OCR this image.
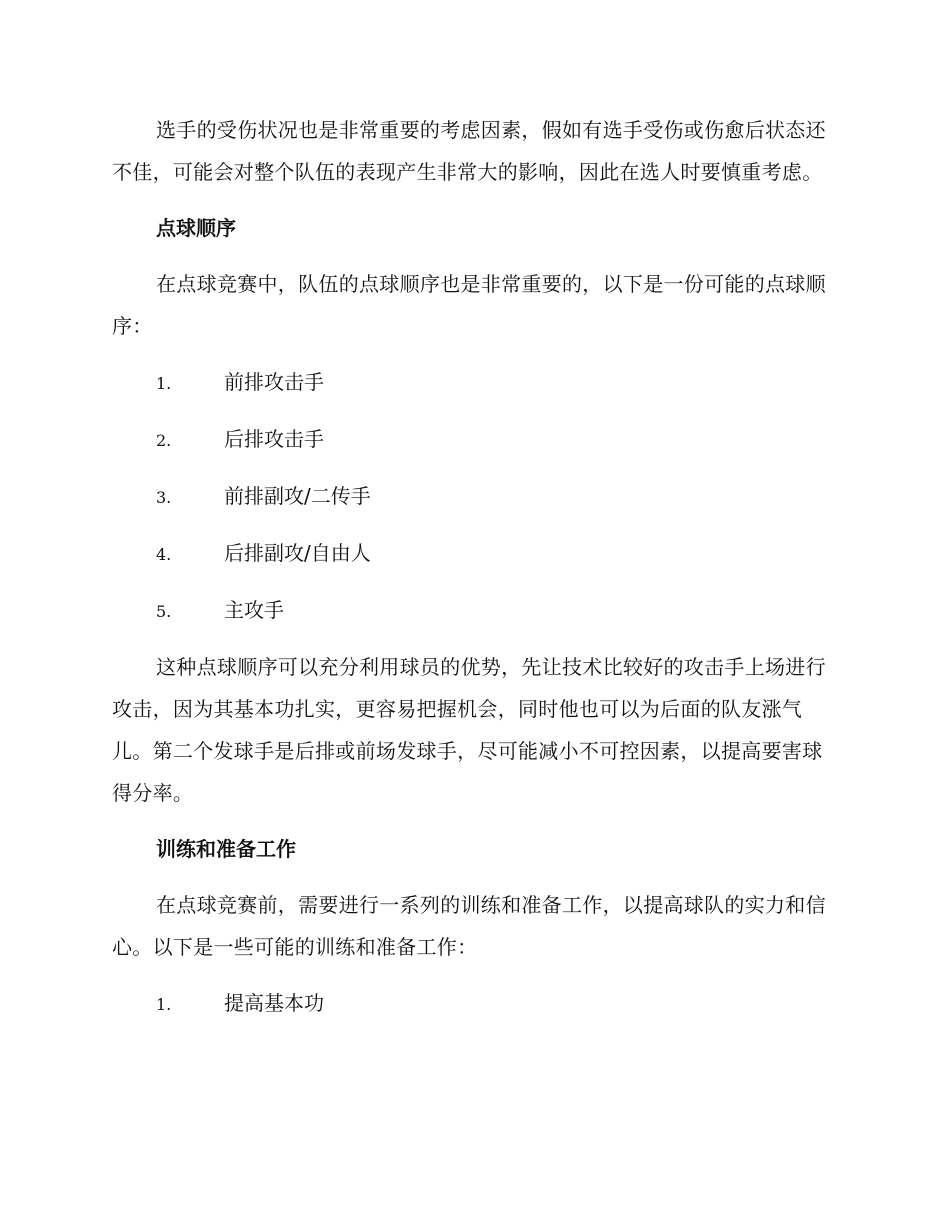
选手的受伤状况也是非常重要的考虑因素，假如有选手受伤或伤愈后状态还不佳，可能会对整个队伍的表现产生非常大的影响，因此在选人时要慎重考虑。

点球顺序

在点球竞赛中，队伍的点球顺序也是非常重要的，以下是一份可能的点球顺序：

1.	前排攻击手
2.	后排攻击手
3.	前排副攻/二传手
4.	后排副攻/自由人
5.	主攻手

这种点球顺序可以充分利用球员的优势，先让技术比较好的攻击手上场进行攻击，因为其基本功扎实，更容易把握机会，同时他也可以为后面的队友涨气儿。第二个发球手是后排或前场发球手，尽可能减小不可控因素，以提高要害球得分率。

训练和准备工作

在点球竞赛前，需要进行一系列的训练和准备工作，以提高球队的实力和信心。以下是一些可能的训练和准备工作：

1.	提高基本功
